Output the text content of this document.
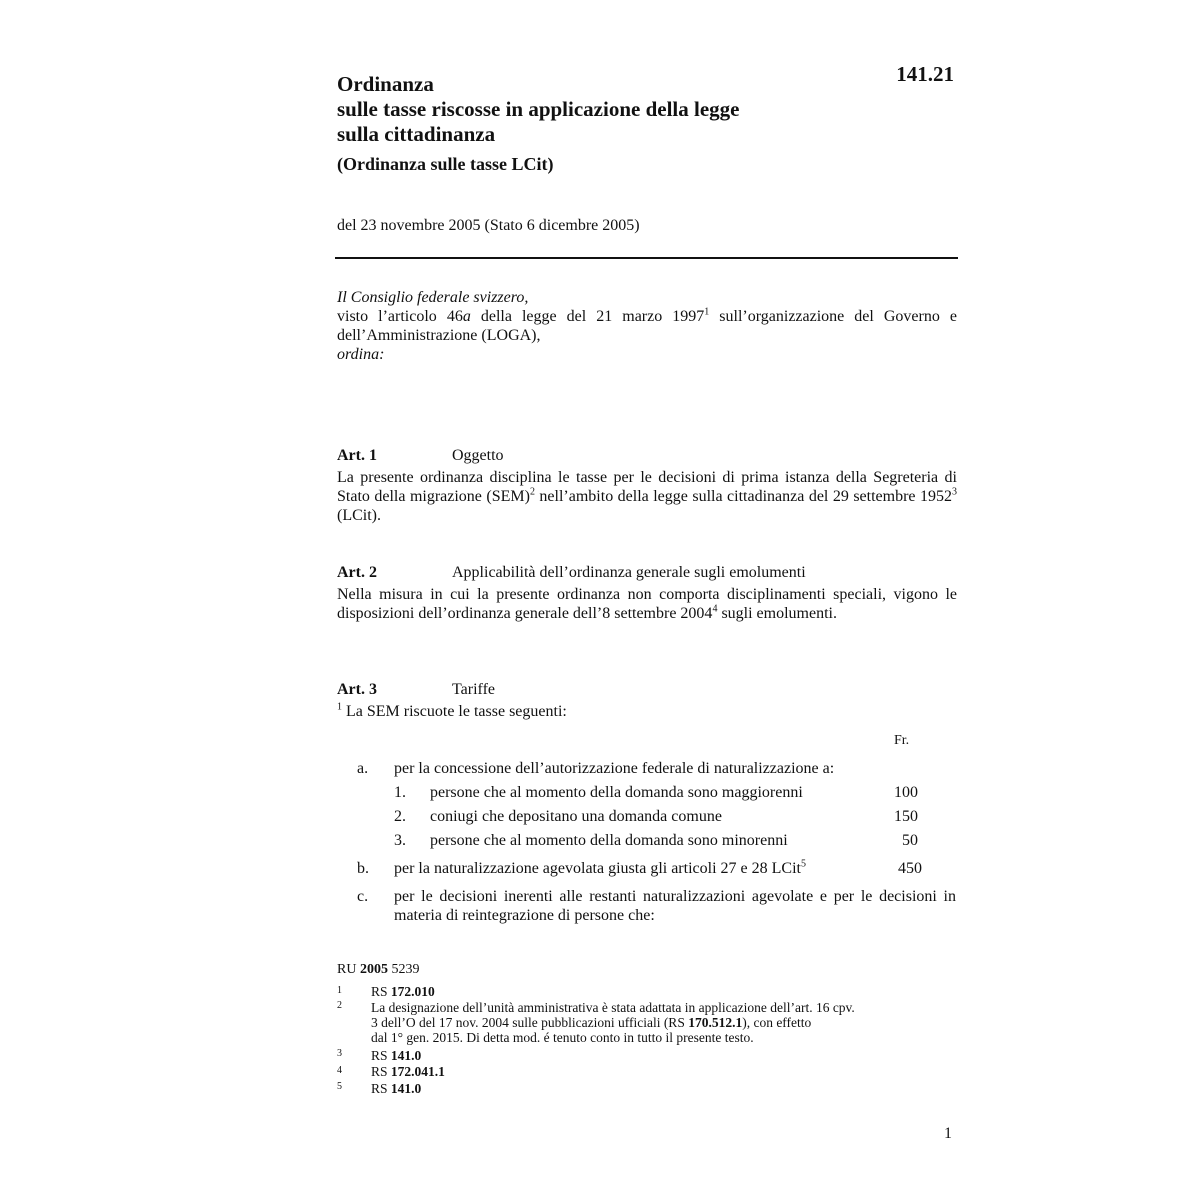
141.21
Ordinanza
sulle tasse riscosse in applicazione della legge
sulla cittadinanza
(Ordinanza sulle tasse LCit)
del 23 novembre 2005 (Stato 6 dicembre 2005)
Il Consiglio federale svizzero,
visto l’articolo 46a della legge del 21 marzo 1997$^1$ sull’organizzazione del Governo e dell’Amministrazione (LOGA),
ordina:
Art. 1	Oggetto

La presente ordinanza disciplina le tasse per le decisioni di prima istanza della Segreteria di Stato della migrazione (SEM)$^2$ nell’ambito della legge sulla cittadinanza del 29 settembre 1952$^3$ (LCit).

Art. 2	Applicabilità dell’ordinanza generale sugli emolumenti

Nella misura in cui la presente ordinanza non comporta disciplinamenti speciali, vigono le disposizioni dell’ordinanza generale dell’8 settembre 2004$^4$ sugli emolumenti.

Art. 3	Tariffe
$^1$ La SEM riscuote le tasse seguenti:
Fr.
a. per la concessione dell’autorizzazione federale di naturalizzazione a:
1. persone che al momento della domanda sono maggiorenni	100
2. coniugi che depositano una domanda comune	150
3. persone che al momento della domanda sono minorenni	50
b. per la naturalizzazione agevolata giusta gli articoli 27 e 28 LCit$^5$	450
c. per le decisioni inerenti alle restanti naturalizzazioni agevolate e per le decisioni in materia di reintegrazione di persone che:
RU 2005 5239
1 RS 172.010
2 La designazione dell’unità amministrativa è stata adattata in applicazione dell’art. 16 cpv.
3 dell’O del 17 nov. 2004 sulle pubblicazioni ufficiali (RS 170.512.1), con effetto
dal 1° gen. 2015. Di detta mod. é tenuto conto in tutto il presente testo.
3 RS 141.0
4 RS 172.041.1
5 RS 141.0
1
